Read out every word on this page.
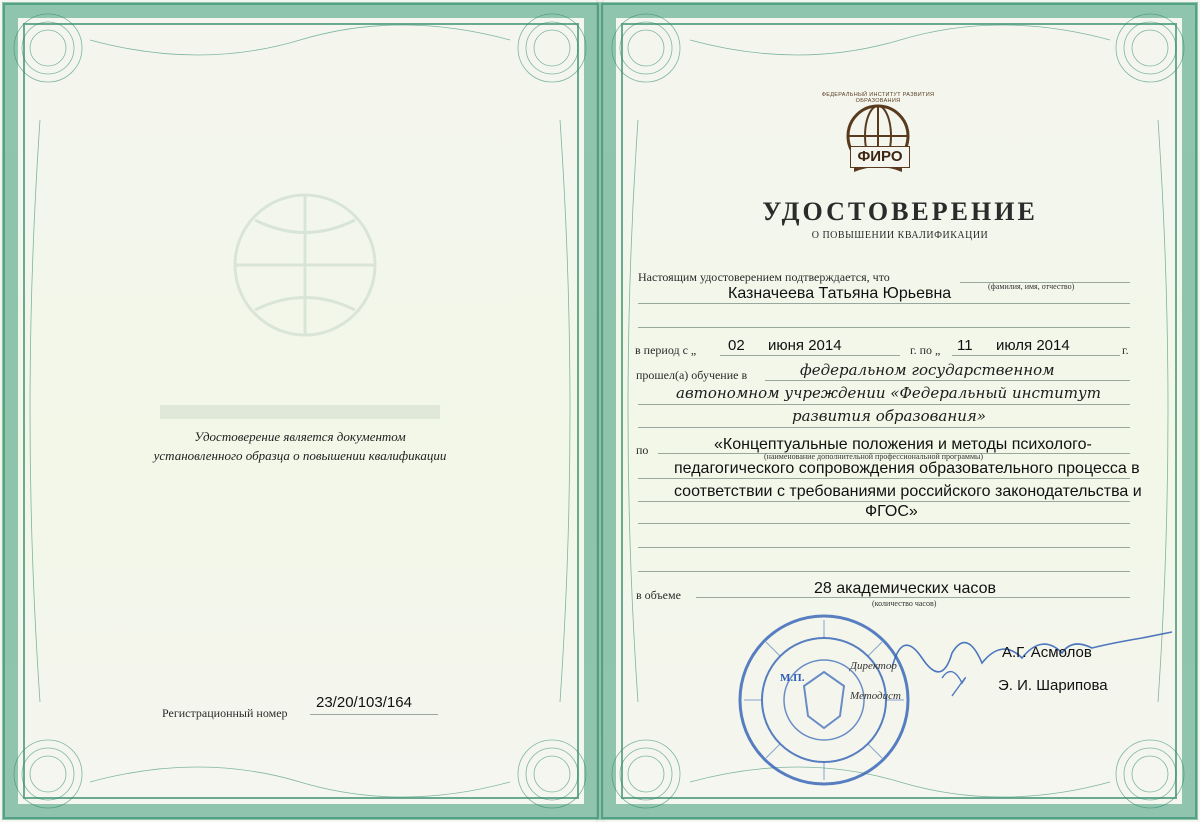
Удостоверение является документом
установленного образца о повышении квалификации
Регистрационный номер
23/20/103/164
ФИРО
ФЕДЕРАЛЬНЫЙ ИНСТИТУТ РАЗВИТИЯ ОБРАЗОВАНИЯ
УДОСТОВЕРЕНИЕ
О ПОВЫШЕНИИ КВАЛИФИКАЦИИ
Настоящим удостоверением подтверждается, что
(фамилия, имя, отчество)
Казначеева Татьяна Юрьевна
в период с „ 02 июня 2014	г. по „ 11 июля 2014	г.
прошел(а) обучение в	федеральном государственном
автономном учреждении «Федеральный институт
развития образования»
по	«Концептуальные положения и методы психолого-
(наименование дополнительной профессиональной программы)
педагогического сопровождения образовательного процесса в
соответствии с требованиями российского законодательства и
ФГОС»
в объеме	28 академических часов
(количество часов)
М.П.
Директор
А.Г. Асмолов
Методист
Э. И. Шарипова
